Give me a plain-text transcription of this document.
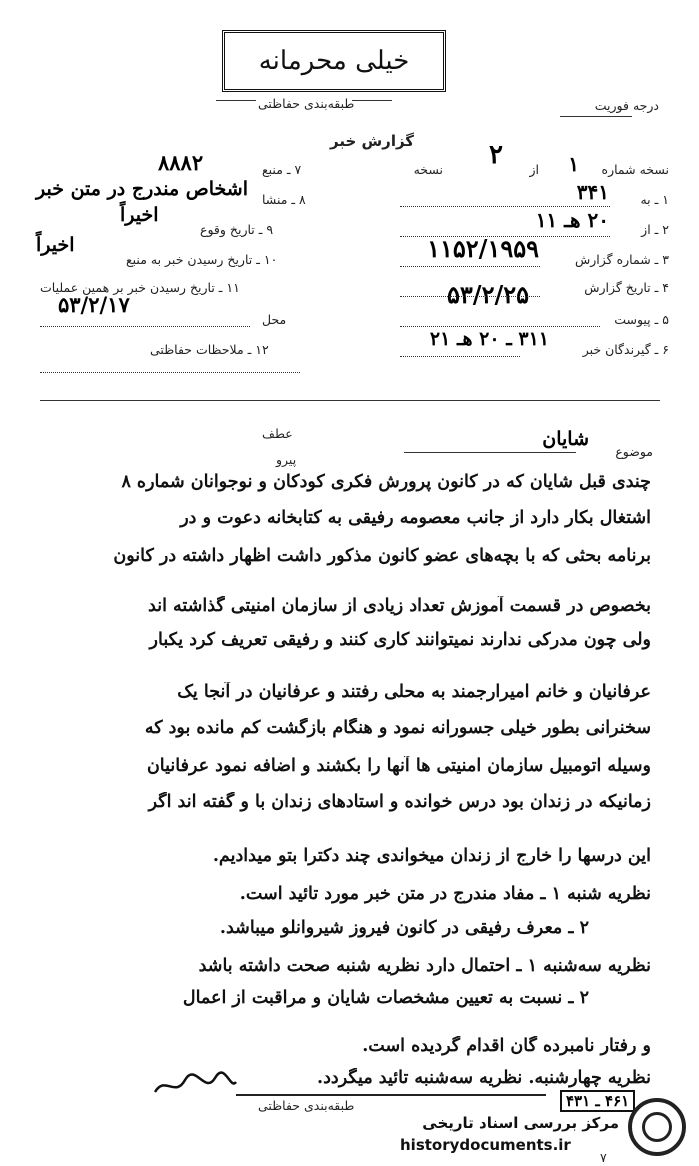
خیلی محرمانه
طبقه‌بندی حفاظتی	درجه فوریت
گزارش خبر
نسخه شماره
۱
از
۲
نسخه
۱ ـ به
۳۴۱
۲ ـ از
۲۰ هـ ۱۱
۳ ـ شماره گزارش
۱۱۵۲/۱۹۵۹
۴ ـ تاریخ گزارش
۵۳/۲/۲۵
۵ ـ پیوست
۶ ـ گیرندگان خبر
۳۱۱ ـ ۲۰ هـ ۲۱
۷ ـ منبع
۸۸۸۲
۸ ـ منشا
اشخاص مندرج در متن خبر
اخیراً
۹ ـ تاریخ وقوع
۱۰ ـ تاریخ رسیدن خبر به منبع
اخیراً
۱۱ ـ تاریخ رسیدن خبر بر همین عملیات
۵۳/۲/۱۷
محل
۱۲ ـ ملاحظات حفاظتی
موضوع
شایان
عطف
پیرو
چندی قبل شایان که در کانون پرورش فکری کودکان و نوجوانان شماره ۸
اشتغال بکار دارد از جانب معصومه رفیقی به کتابخانه دعوت و در
برنامه بحثی که با بچه‌های عضو کانون مذکور داشت اظهار داشته در کانون
بخصوص در قسمت آموزش تعداد زیادی از سازمان امنیتی گذاشته اند
ولی چون مدرکی ندارند نمیتوانند کاری کنند و رفیقی تعریف کرد یکبار
عرفانیان و خانم امیرارجمند به محلی رفتند و عرفانیان در آنجا یک
سخنرانی بطور خیلی جسورانه نمود و هنگام بازگشت کم مانده بود که
وسیله اتومبیل سازمان امنیتی ها آنها را بکشند و اضافه نمود عرفانیان
زمانیکه در زندان بود درس خوانده و استادهای زندان با و گفته اند اگر
این درسها را خارج از زندان میخواندی چند دکترا بتو میدادیم.
نظریه شنبه ۱ ـ مفاد مندرج در متن خبر مورد تائید است.
۲ ـ معرف رفیقی در کانون فیروز شیروانلو میباشد.
نظریه سه‌شنبه ۱ ـ احتمال دارد نظریه شنبه صحت داشته باشد
۲ ـ نسبت به تعیین مشخصات شایان و مراقبت از اعمال
و رفتار نامبرده گان اقدام گردیده است.
نظریه چهارشنبه. نظریه سه‌شنبه تائید میگردد.
طبقه‌بندی حفاظتی	۴۶۱ ـ ۴۳۱
مرکز بررسی اسناد تاریخی
historydocuments.ir
۷
